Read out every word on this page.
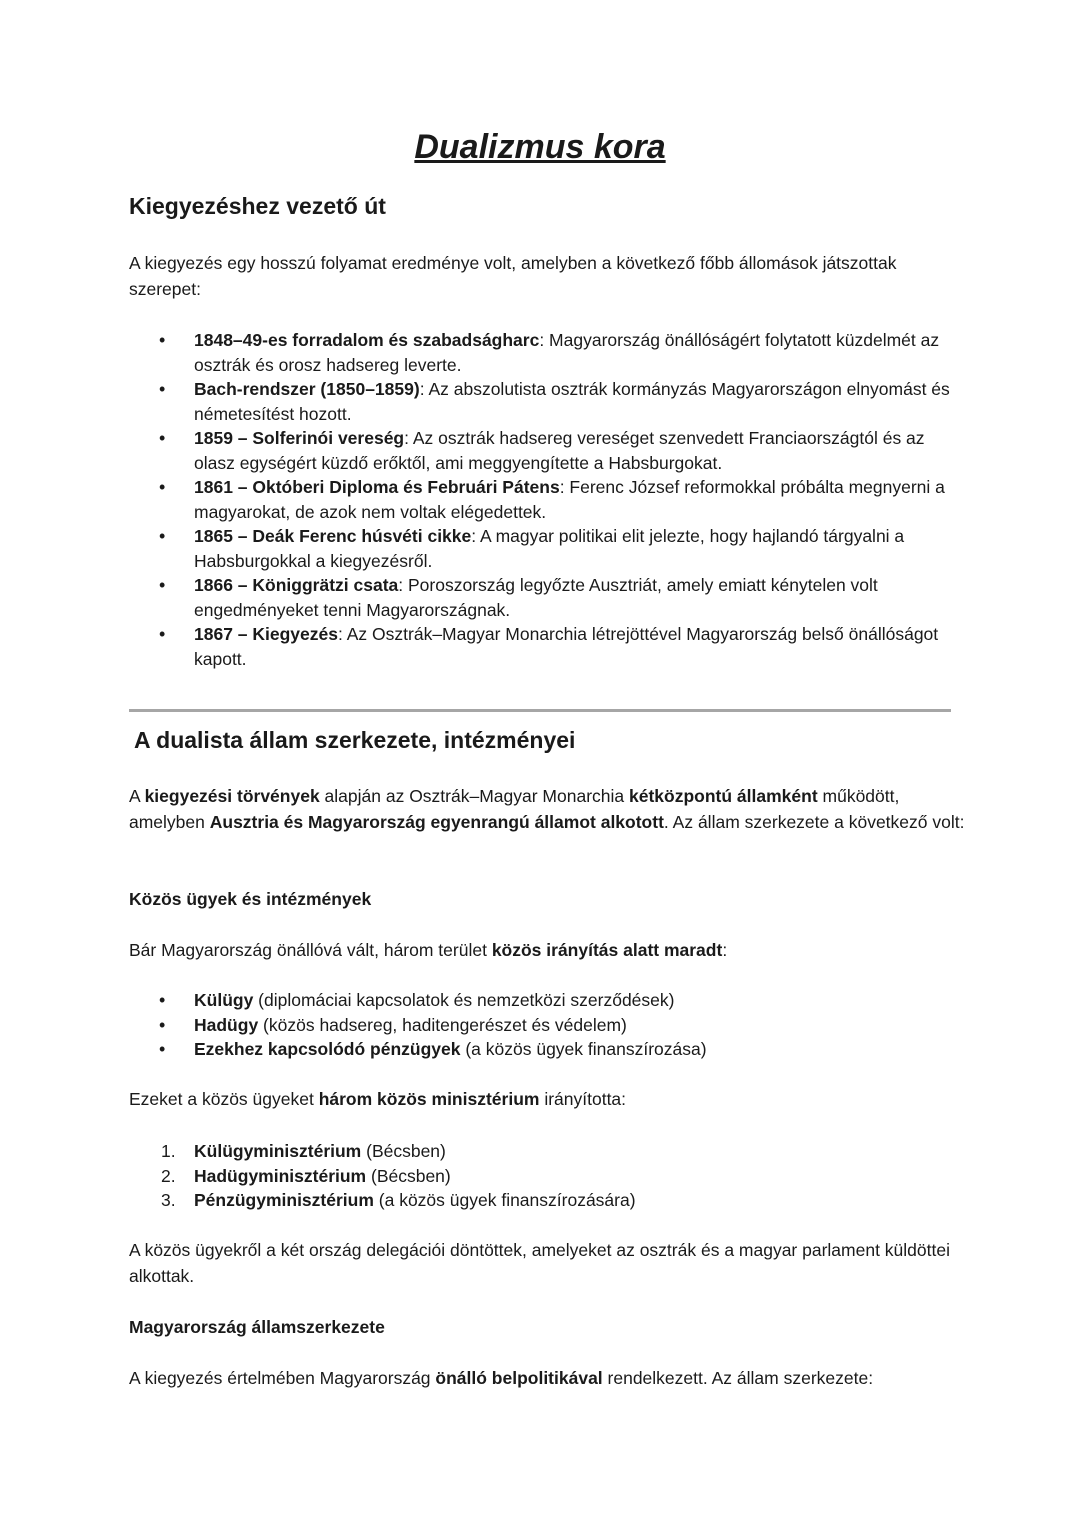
Dualizmus kora
Kiegyezéshez vezető út

A kiegyezés egy hosszú folyamat eredménye volt, amelyben a következő főbb állomások játszottak szerepet:

• 1848–49-es forradalom és szabadságharc: Magyarország önállóságért folytatott küzdelmét az osztrák és orosz hadsereg leverte.
• Bach-rendszer (1850–1859): Az abszolutista osztrák kormányzás Magyarországon elnyomást és németesítést hozott.
• 1859 – Solferinói vereség: Az osztrák hadsereg vereséget szenvedett Franciaországtól és az olasz egységért küzdő erőktől, ami meggyengítette a Habsburgokat.
• 1861 – Októberi Diploma és Februári Pátens: Ferenc József reformokkal próbálta megnyerni a magyarokat, de azok nem voltak elégedettek.
• 1865 – Deák Ferenc húsvéti cikke: A magyar politikai elit jelezte, hogy hajlandó tárgyalni a Habsburgokkal a kiegyezésről.
• 1866 – Königgrätzi csata: Poroszország legyőzte Ausztriát, amely emiatt kénytelen volt engedményeket tenni Magyarországnak.
• 1867 – Kiegyezés: Az Osztrák–Magyar Monarchia létrejöttével Magyarország belső önállóságot kapott.
A dualista állam szerkezete, intézményei

A kiegyezési törvények alapján az Osztrák–Magyar Monarchia kétközpontú államként működött, amelyben Ausztria és Magyarország egyenrangú államot alkotott. Az állam szerkezete a következő volt:

Közös ügyek és intézmények

Bár Magyarország önállóvá vált, három terület közös irányítás alatt maradt:

• Külügy (diplomáciai kapcsolatok és nemzetközi szerződések)
• Hadügy (közös hadsereg, haditengerészet és védelem)
• Ezekhez kapcsolódó pénzügyek (a közös ügyek finanszírozása)

Ezeket a közös ügyeket három közös minisztérium irányította:

1. Külügyminisztérium (Bécsben)
2. Hadügyminisztérium (Bécsben)
3. Pénzügyminisztérium (a közös ügyek finanszírozására)

A közös ügyekről a két ország delegációi döntöttek, amelyeket az osztrák és a magyar parlament küldöttei alkottak.

Magyarország államszerkezete

A kiegyezés értelmében Magyarország önálló belpolitikával rendelkezett. Az állam szerkezete:
